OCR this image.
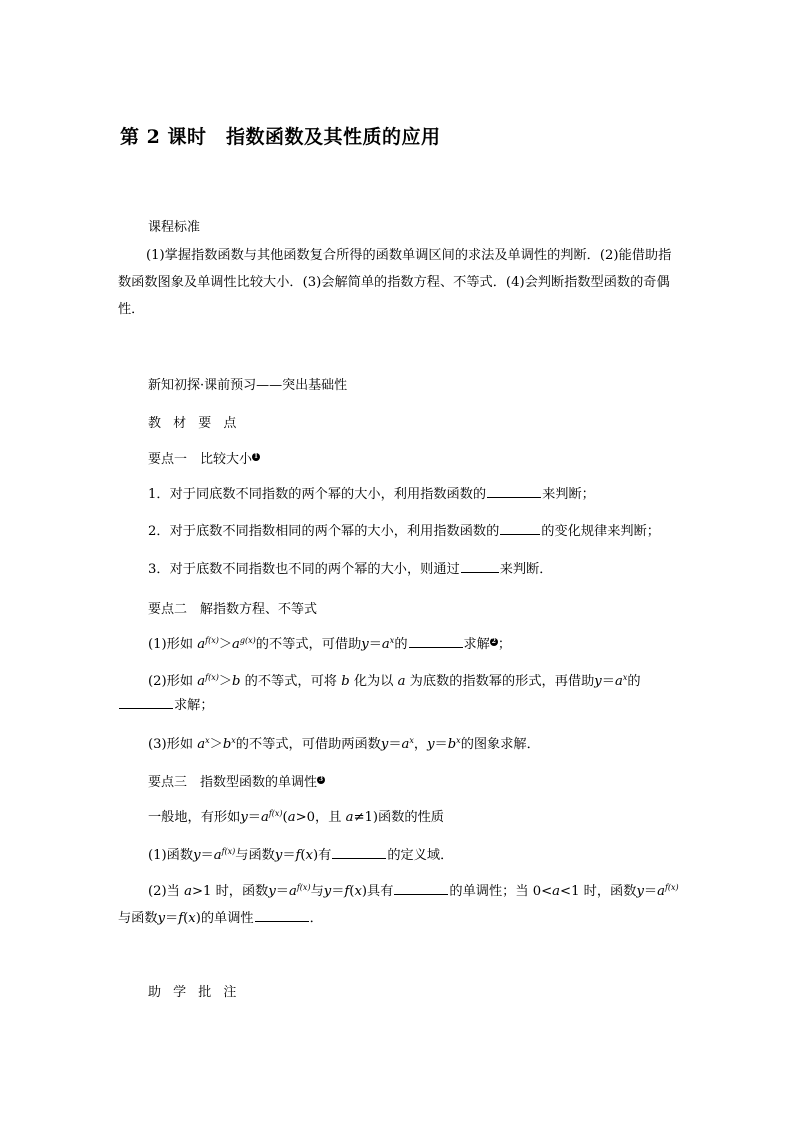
第 2 课时　指数函数及其性质的应用
课程标准
(1)掌握指数函数与其他函数复合所得的函数单调区间的求法及单调性的判断．(2)能借助指数函数图象及单调性比较大小．(3)会解简单的指数方程、不等式．(4)会判断指数型函数的奇偶性．
新知初探·课前预习——突出基础性
教 材 要 点
要点一　比较大小 1
1．对于同底数不同指数的两个幂的大小，利用指数函数的	来判断；
2．对于底数不同指数相同的两个幂的大小，利用指数函数的	的变化规律来判断；
3．对于底数不同指数也不同的两个幂的大小，则通过	来判断．
要点二　解指数方程、不等式
(1)形如 $a^{f(x)}>a^{g(x)}$的不等式，可借助$y=a^x$的	求解 2 ；
(2)形如 $a^{f(x)}>b$ 的不等式，可将 b 化为以 a 为底数的指数幂的形式，再借助$y=a^x$的
求解；
(3)形如 $a^x>b^x$的不等式，可借助两函数$y=a^x$，$y=b^x$的图象求解．
要点三　指数型函数的单调性 3
一般地，有形如$y=a^{f(x)}(a>0$，且 a≠1)函数的性质
(1)函数$y=a^{f(x)}$与函数y＝f(x)有	的定义域．
(2)当 a>1 时，函数$y=a^{f(x)}$与y＝f(x)具有	的单调性；当 0<a<1 时，函数$y=a^{f(x)}$
与函数y＝f(x)的单调性	．
助 学 批 注
